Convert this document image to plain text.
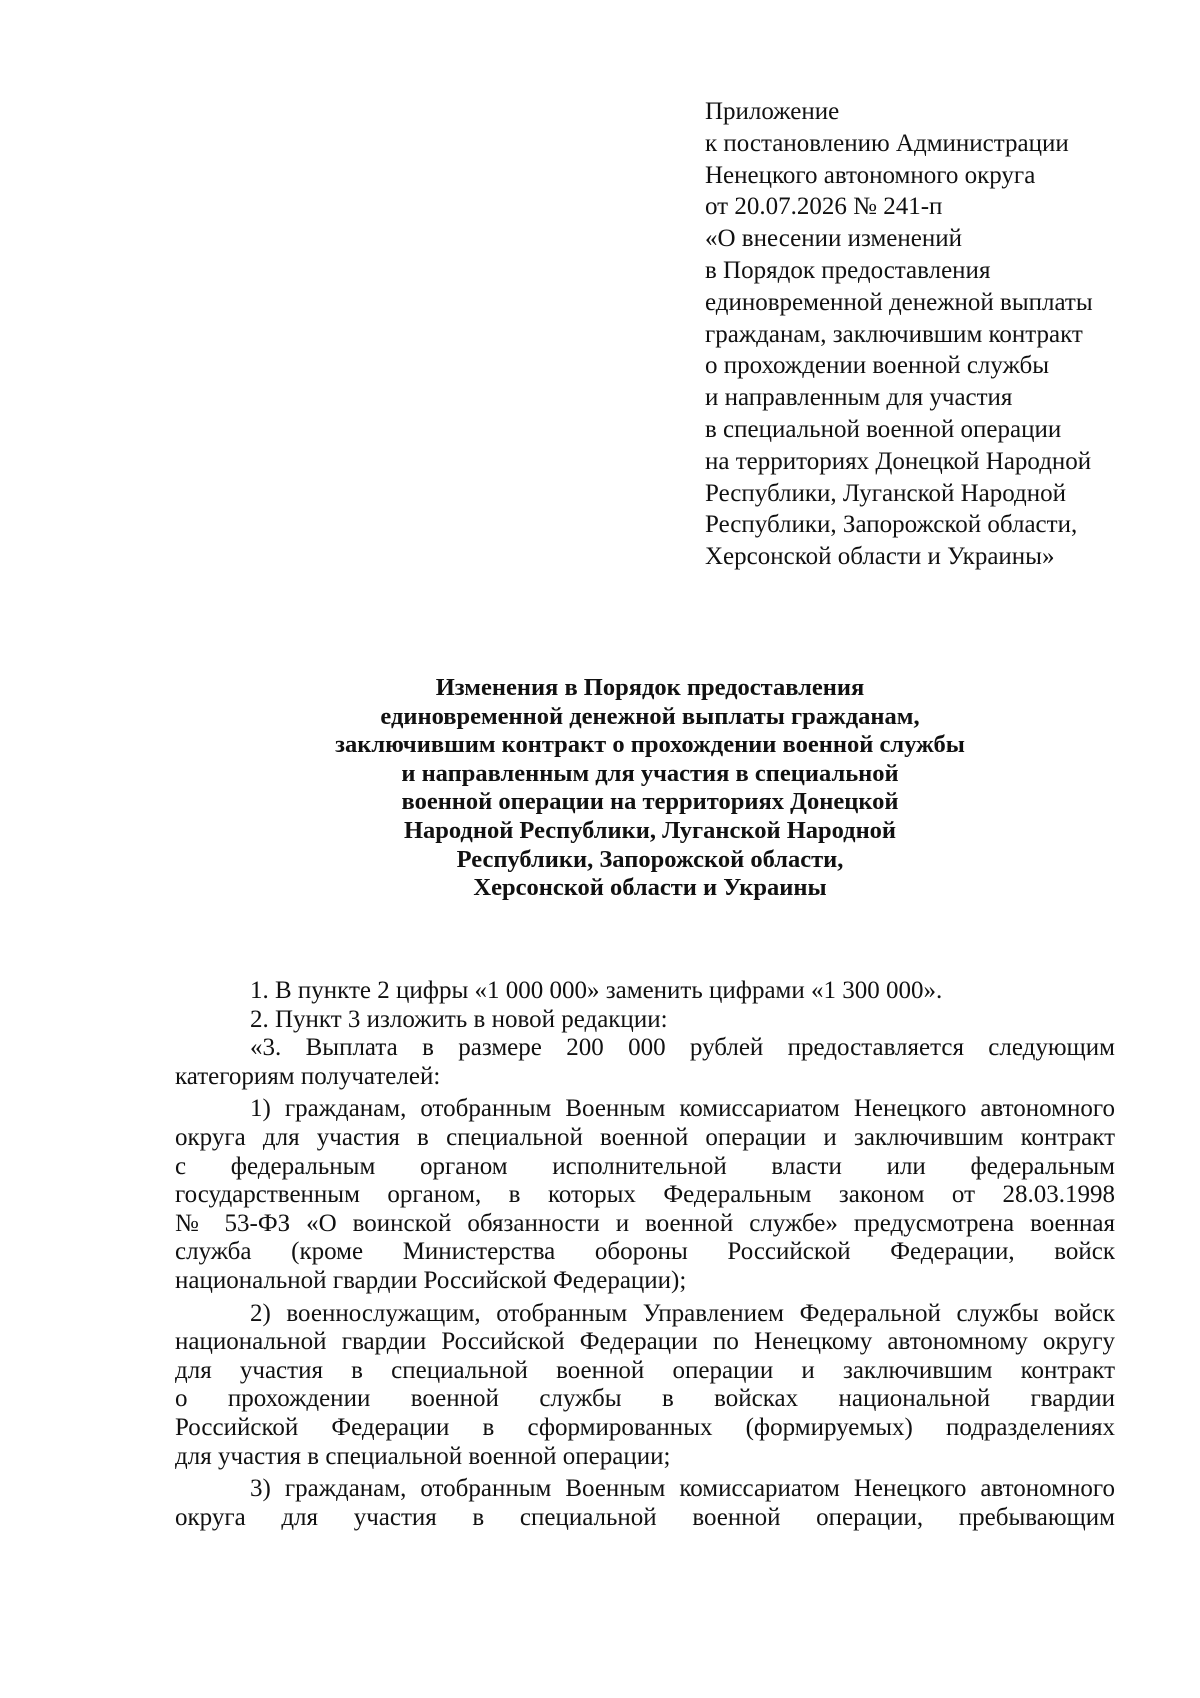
Приложение
к постановлению Администрации
Ненецкого автономного округа
от 20.07.2026 № 241-п
«О внесении изменений
в Порядок предоставления
единовременной денежной выплаты
гражданам, заключившим контракт
о прохождении военной службы
и направленным для участия
в специальной военной операции
на территориях Донецкой Народной
Республики, Луганской Народной
Республики, Запорожской области,
Херсонской области и Украины»
Изменения в Порядок предоставления
единовременной денежной выплаты гражданам,
заключившим контракт о прохождении военной службы
и направленным для участия в специальной
военной операции на территориях Донецкой
Народной Республики, Луганской Народной
Республики, Запорожской области,
Херсонской области и Украины
1. В пункте 2 цифры «1 000 000» заменить цифрами «1 300 000».
2. Пункт 3 изложить в новой редакции:
«3. Выплата в размере 200 000 рублей предоставляется следующим
категориям получателей:
1) гражданам, отобранным Военным комиссариатом Ненецкого автономного
округа для участия в специальной военной операции и заключившим контракт
с федеральным органом исполнительной власти или федеральным
государственным органом, в которых Федеральным законом от 28.03.1998
№ 53-ФЗ «О воинской обязанности и военной службе» предусмотрена военная
служба (кроме Министерства обороны Российской Федерации, войск
национальной гвардии Российской Федерации);
2) военнослужащим, отобранным Управлением Федеральной службы войск
национальной гвардии Российской Федерации по Ненецкому автономному округу
для участия в специальной военной операции и заключившим контракт
о прохождении военной службы в войсках национальной гвардии
Российской Федерации в сформированных (формируемых) подразделениях
для участия в специальной военной операции;
3) гражданам, отобранным Военным комиссариатом Ненецкого автономного
округа для участия в специальной военной операции, пребывающим
